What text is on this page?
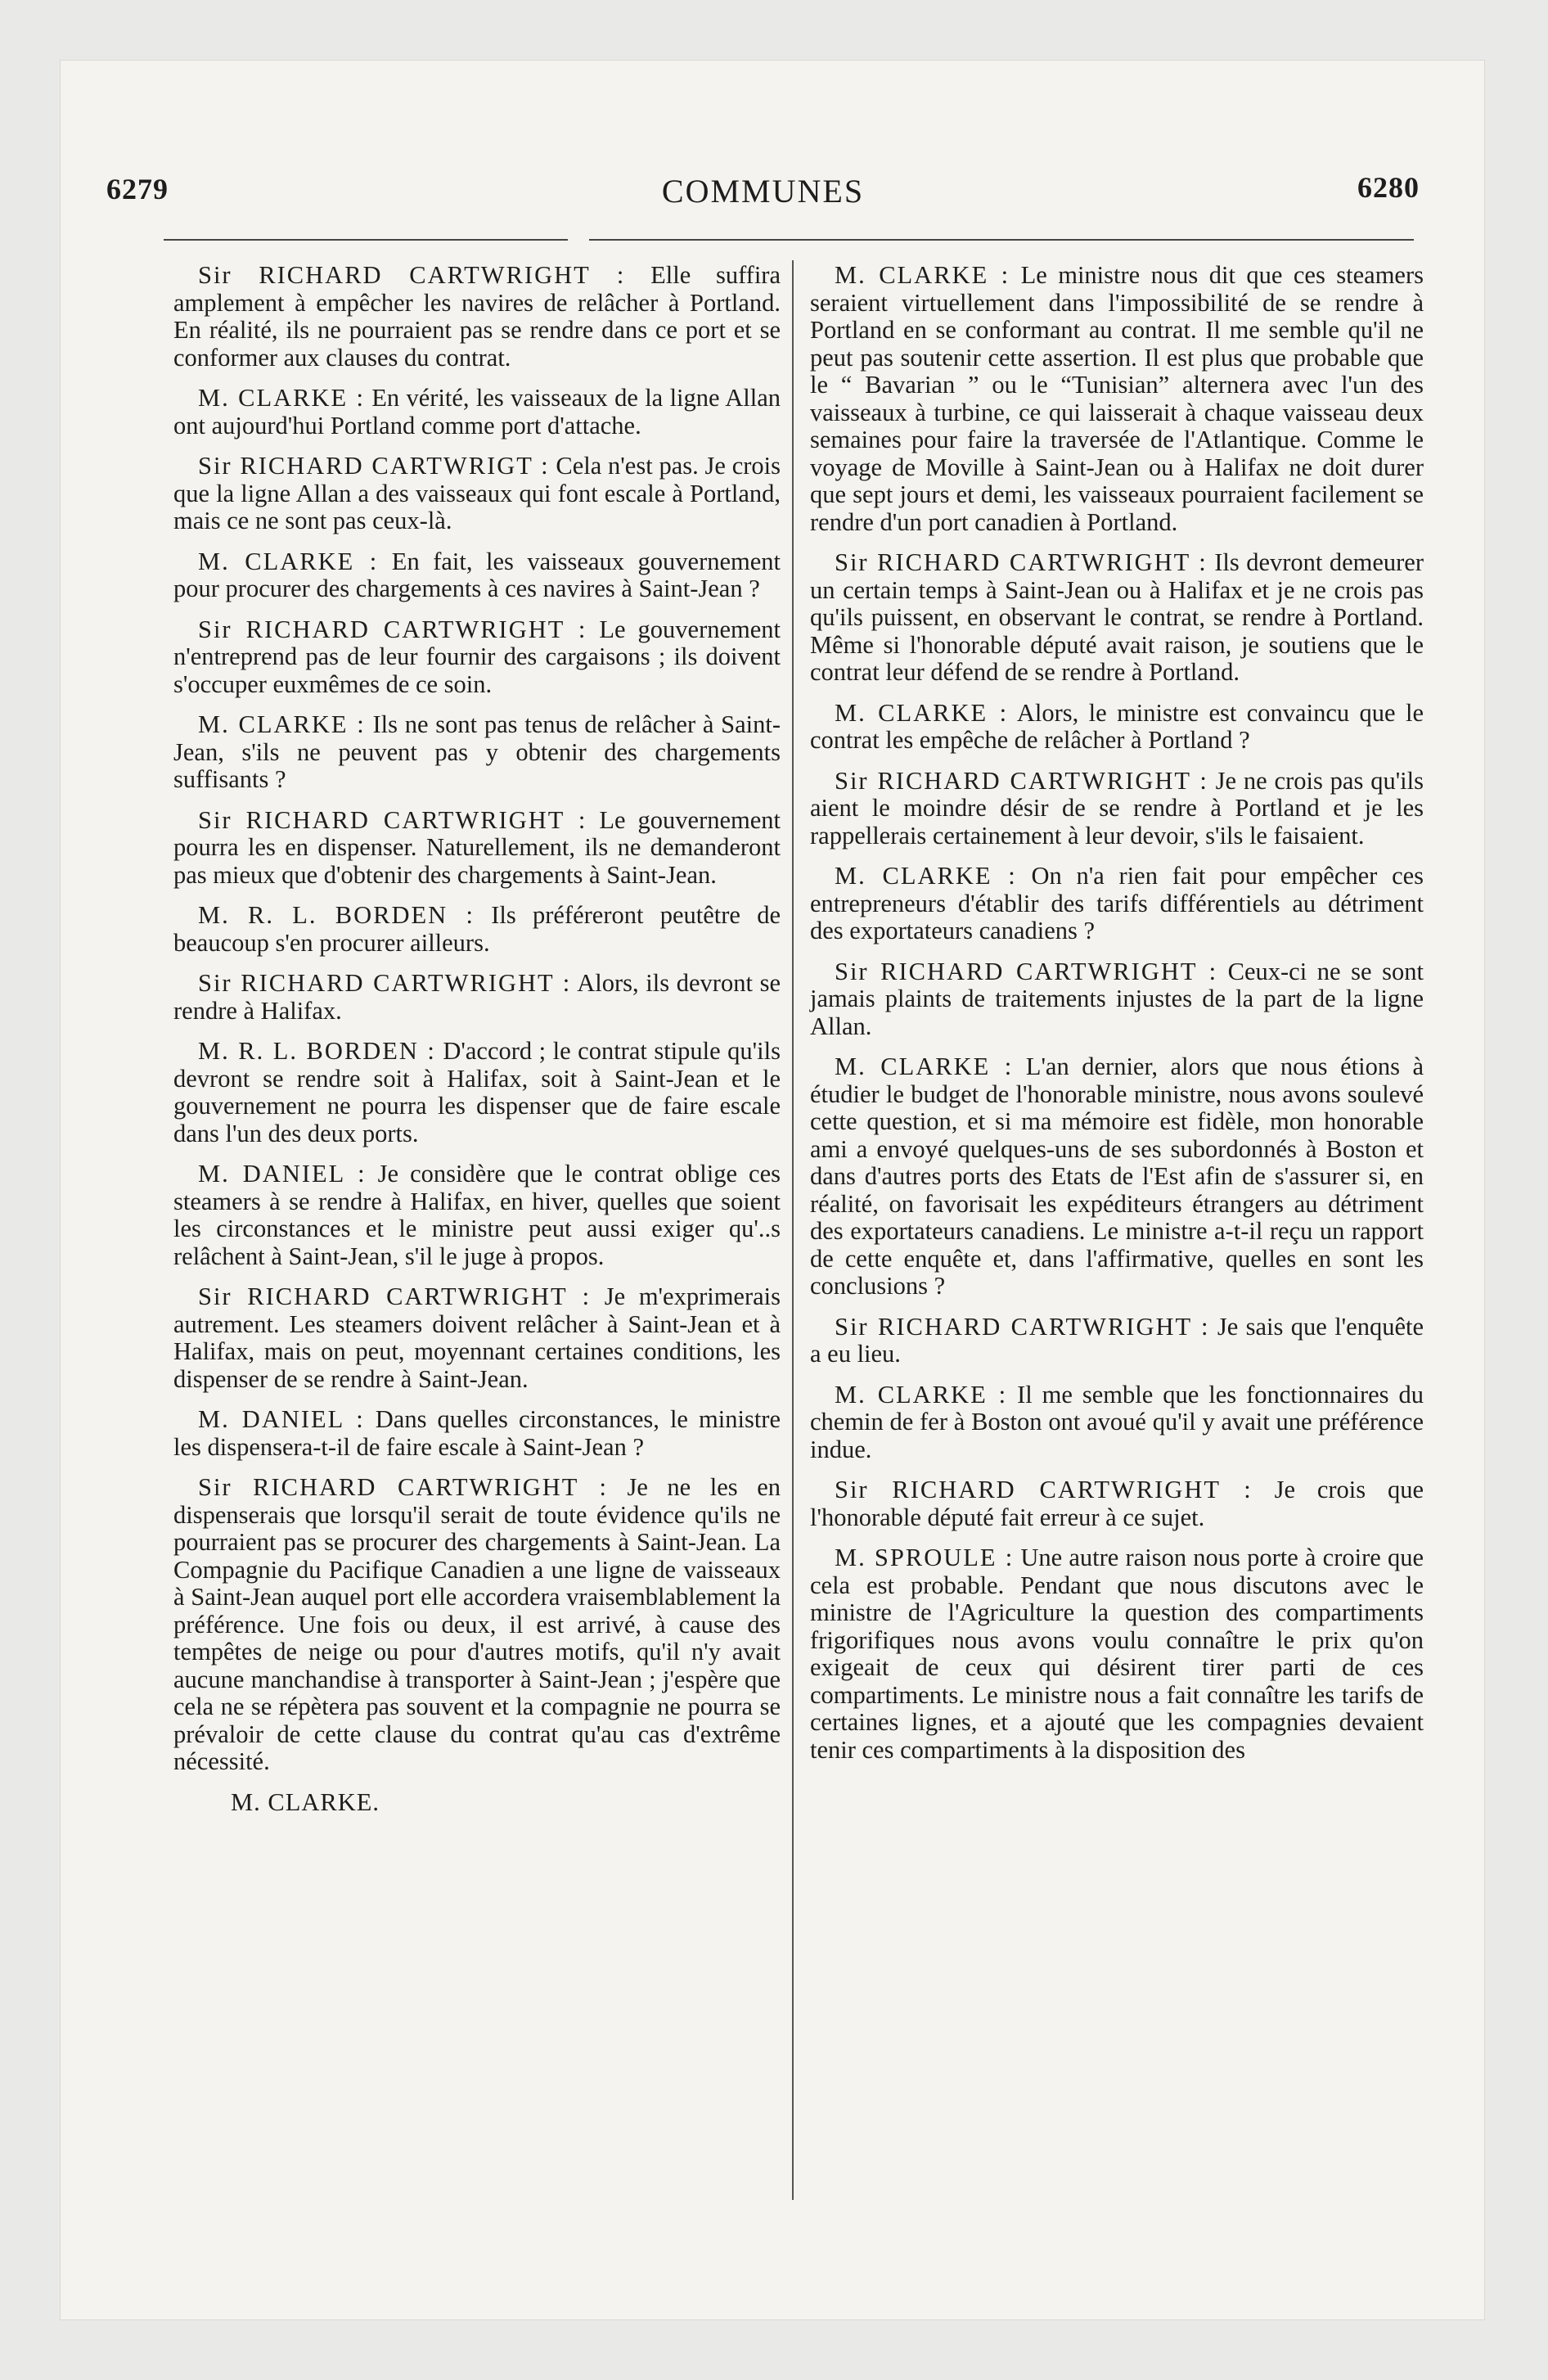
6279	COMMUNES	6280

Sir RICHARD CARTWRIGHT : Elle suffira amplement à empêcher les navires de relâcher à Portland. En réalité, ils ne pourraient pas se rendre dans ce port et se conformer aux clauses du contrat.

M. CLARKE : En vérité, les vaisseaux de la ligne Allan ont aujourd'hui Portland comme port d'attache.

Sir RICHARD CARTWRIGT : Cela n'est pas. Je crois que la ligne Allan a des vaisseaux qui font escale à Portland, mais ce ne sont pas ceux-là.

M. CLARKE : En fait, les vaisseaux gouvernement pour procurer des chargements à ces navires à Saint-Jean ?

Sir RICHARD CARTWRIGHT : Le gouvernement n'entreprend pas de leur fournir des cargaisons ; ils doivent s'occuper euxmêmes de ce soin.

M. CLARKE : Ils ne sont pas tenus de relâcher à Saint-Jean, s'ils ne peuvent pas y obtenir des chargements suffisants ?

Sir RICHARD CARTWRIGHT : Le gouvernement pourra les en dispenser. Naturellement, ils ne demanderont pas mieux que d'obtenir des chargements à Saint-Jean.

M. R. L. BORDEN : Ils préféreront peutêtre de beaucoup s'en procurer ailleurs.

Sir RICHARD CARTWRIGHT : Alors, ils devront se rendre à Halifax.

M. R. L. BORDEN : D'accord ; le contrat stipule qu'ils devront se rendre soit à Halifax, soit à Saint-Jean et le gouvernement ne pourra les dispenser que de faire escale dans l'un des deux ports.

M. DANIEL : Je considère que le contrat oblige ces steamers à se rendre à Halifax, en hiver, quelles que soient les circonstances et le ministre peut aussi exiger qu'..s relâchent à Saint-Jean, s'il le juge à propos.

Sir RICHARD CARTWRIGHT : Je m'exprimerais autrement. Les steamers doivent relâcher à Saint-Jean et à Halifax, mais on peut, moyennant certaines conditions, les dispenser de se rendre à Saint-Jean.

M. DANIEL : Dans quelles circonstances, le ministre les dispensera-t-il de faire escale à Saint-Jean ?

Sir RICHARD CARTWRIGHT : Je ne les en dispenserais que lorsqu'il serait de toute évidence qu'ils ne pourraient pas se procurer des chargements à Saint-Jean. La Compagnie du Pacifique Canadien a une ligne de vaisseaux à Saint-Jean auquel port elle accordera vraisemblablement la préférence. Une fois ou deux, il est arrivé, à cause des tempêtes de neige ou pour d'autres motifs, qu'il n'y avait aucune manchandise à transporter à Saint-Jean ; j'espère que cela ne se répètera pas souvent et la compagnie ne pourra se prévaloir de cette clause du contrat qu'au cas d'extrême nécessité.

M. CLARKE.

M. CLARKE : Le ministre nous dit que ces steamers seraient virtuellement dans l'impossibilité de se rendre à Portland en se conformant au contrat. Il me semble qu'il ne peut pas soutenir cette assertion. Il est plus que probable que le “ Bavarian ” ou le “Tunisian” alternera avec l'un des vaisseaux à turbine, ce qui laisserait à chaque vaisseau deux semaines pour faire la traversée de l'Atlantique. Comme le voyage de Moville à Saint-Jean ou à Halifax ne doit durer que sept jours et demi, les vaisseaux pourraient facilement se rendre d'un port canadien à Portland.

Sir RICHARD CARTWRIGHT : Ils devront demeurer un certain temps à Saint-Jean ou à Halifax et je ne crois pas qu'ils puissent, en observant le contrat, se rendre à Portland. Même si l'honorable député avait raison, je soutiens que le contrat leur défend de se rendre à Portland.

M. CLARKE : Alors, le ministre est convaincu que le contrat les empêche de relâcher à Portland ?

Sir RICHARD CARTWRIGHT : Je ne crois pas qu'ils aient le moindre désir de se rendre à Portland et je les rappellerais certainement à leur devoir, s'ils le faisaient.

M. CLARKE : On n'a rien fait pour empêcher ces entrepreneurs d'établir des tarifs différentiels au détriment des exportateurs canadiens ?

Sir RICHARD CARTWRIGHT : Ceux-ci ne se sont jamais plaints de traitements injustes de la part de la ligne Allan.

M. CLARKE : L'an dernier, alors que nous étions à étudier le budget de l'honorable ministre, nous avons soulevé cette question, et si ma mémoire est fidèle, mon honorable ami a envoyé quelques-uns de ses subordonnés à Boston et dans d'autres ports des Etats de l'Est afin de s'assurer si, en réalité, on favorisait les expéditeurs étrangers au détriment des exportateurs canadiens. Le ministre a-t-il reçu un rapport de cette enquête et, dans l'affirmative, quelles en sont les conclusions ?

Sir RICHARD CARTWRIGHT : Je sais que l'enquête a eu lieu.

M. CLARKE : Il me semble que les fonctionnaires du chemin de fer à Boston ont avoué qu'il y avait une préférence indue.

Sir RICHARD CARTWRIGHT : Je crois que l'honorable député fait erreur à ce sujet.

M. SPROULE : Une autre raison nous porte à croire que cela est probable. Pendant que nous discutons avec le ministre de l'Agriculture la question des compartiments frigorifiques nous avons voulu connaître le prix qu'on exigeait de ceux qui désirent tirer parti de ces compartiments. Le ministre nous a fait connaître les tarifs de certaines lignes, et a ajouté que les compagnies devaient tenir ces compartiments à la disposition des
